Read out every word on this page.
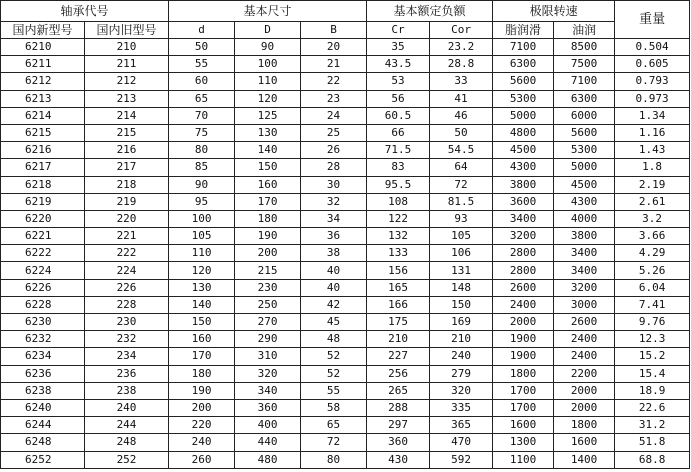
轴承代号		基本尺寸			基本额定负额		极限转速		重量
国内新型号	国内旧型号	d	D	B	Cr	Cor	脂润滑	油润	
6210	210	50	90	20	35	23.2	7100	8500	0.504
6211	211	55	100	21	43.5	28.8	6300	7500	0.605
6212	212	60	110	22	53	33	5600	7100	0.793
6213	213	65	120	23	56	41	5300	6300	0.973
6214	214	70	125	24	60.5	46	5000	6000	1.34
6215	215	75	130	25	66	50	4800	5600	1.16
6216	216	80	140	26	71.5	54.5	4500	5300	1.43
6217	217	85	150	28	83	64	4300	5000	1.8
6218	218	90	160	30	95.5	72	3800	4500	2.19
6219	219	95	170	32	108	81.5	3600	4300	2.61
6220	220	100	180	34	122	93	3400	4000	3.2
6221	221	105	190	36	132	105	3200	3800	3.66
6222	222	110	200	38	133	106	2800	3400	4.29
6224	224	120	215	40	156	131	2800	3400	5.26
6226	226	130	230	40	165	148	2600	3200	6.04
6228	228	140	250	42	166	150	2400	3000	7.41
6230	230	150	270	45	175	169	2000	2600	9.76
6232	232	160	290	48	210	210	1900	2400	12.3
6234	234	170	310	52	227	240	1900	2400	15.2
6236	236	180	320	52	256	279	1800	2200	15.4
6238	238	190	340	55	265	320	1700	2000	18.9
6240	240	200	360	58	288	335	1700	2000	22.6
6244	244	220	400	65	297	365	1600	1800	31.2
6248	248	240	440	72	360	470	1300	1600	51.8
6252	252	260	480	80	430	592	1100	1400	68.8
